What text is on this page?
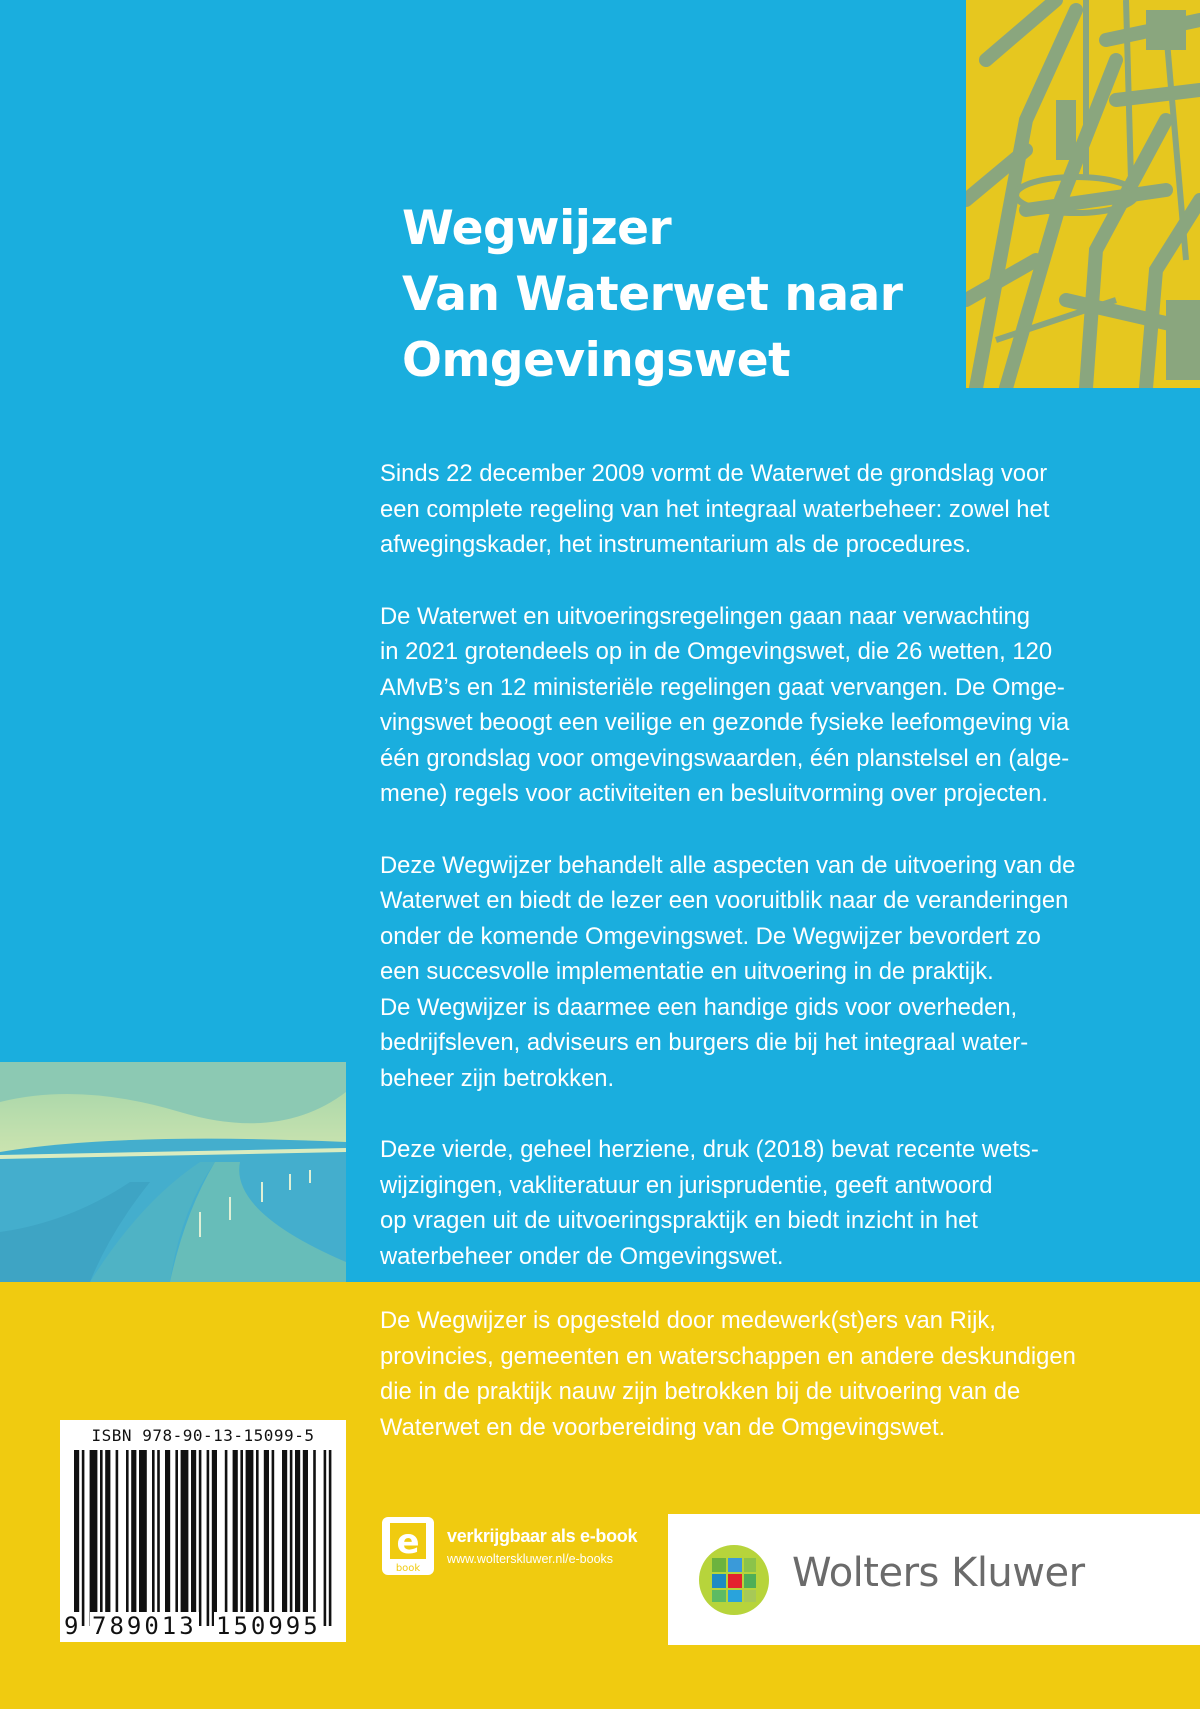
Wegwijzer
Van Waterwet naar
Omgevingswet

Sinds 22 december 2009 vormt de Waterwet de grondslag voor
een complete regeling van het integraal waterbeheer: zowel het
afwegingskader, het instrumentarium als de procedures.

De Waterwet en uitvoeringsregelingen gaan naar verwachting
in 2021 grotendeels op in de Omgevingswet, die 26 wetten, 120
AMvB’s en 12 ministeriële regelingen gaat vervangen. De Omge-
vingswet beoogt een veilige en gezonde fysieke leefomgeving via
één grondslag voor omgevingswaarden, één planstelsel en (alge-
mene) regels voor activiteiten en besluitvorming over projecten.

Deze Wegwijzer behandelt alle aspecten van de uitvoering van de
Waterwet en biedt de lezer een vooruitblik naar de veranderingen
onder de komende Omgevingswet. De Wegwijzer bevordert zo
een succesvolle implementatie en uitvoering in de praktijk.
De Wegwijzer is daarmee een handige gids voor overheden,
bedrijfsleven, adviseurs en burgers die bij het integraal water-
beheer zijn betrokken.

Deze vierde, geheel herziene, druk (2018) bevat recente wets-
wijzigingen, vakliteratuur en jurisprudentie, geeft antwoord
op vragen uit de uitvoeringspraktijk en biedt inzicht in het
waterbeheer onder de Omgevingswet.

De Wegwijzer is opgesteld door medewerk(st)ers van Rijk,
provincies, gemeenten en waterschappen en andere deskundigen
die in de praktijk nauw zijn betrokken bij de uitvoering van de
Waterwet en de voorbereiding van de Omgevingswet.
ISBN 978-90-13-15099-5
9 789013 150995
e
book
verkrijgbaar als e-book
www.wolterskluwer.nl/e-books	Wolters Kluwer
